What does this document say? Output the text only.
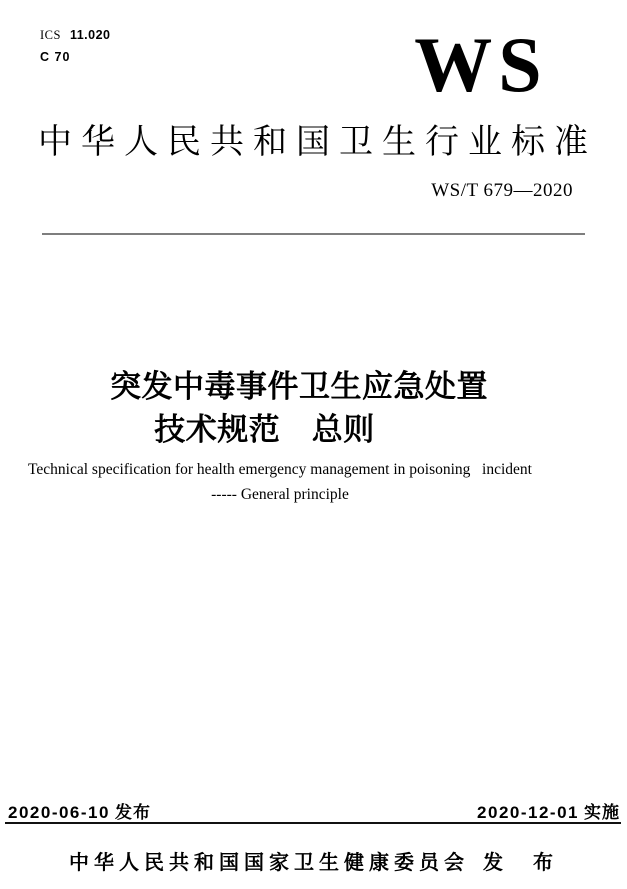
ICS 11.020
C 70	WS
中华人民共和国卫生行业标准
WS/T 679—2020
突发中毒事件卫生应急处置
技术规范　总则
Technical specification for health emergency management in poisoning   incident
----- General principle
2020-06-10 发布	2020-12-01 实施
中华人民共和国国家卫生健康委员会 发　布
